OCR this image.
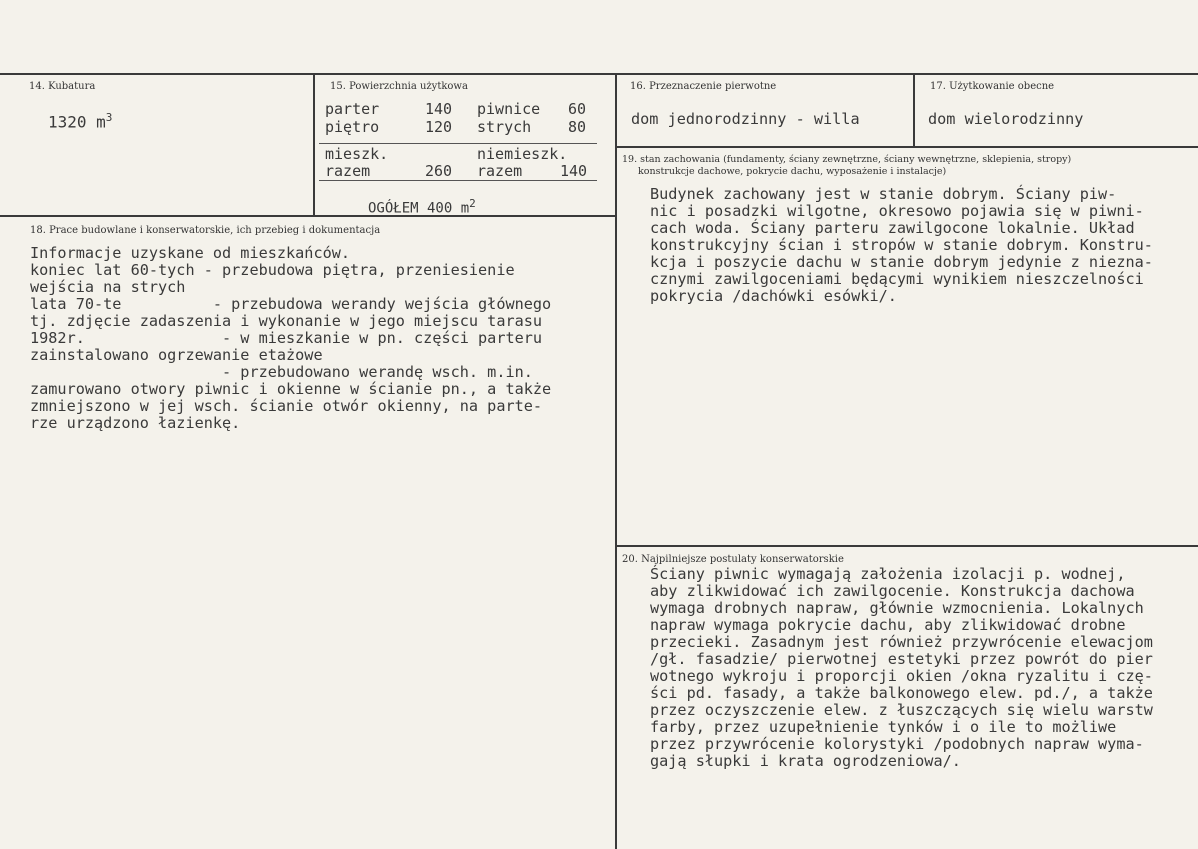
14. Kubatura	15. Powierzchnia użytkowa	16. Przeznaczenie pierwotne	17. Użytkowanie obecne
18. Prace budowlane i konserwatorskie, ich przebieg i dokumentacja
19. stan zachowania (fundamenty, ściany zewnętrzne, ściany wewnętrzne, sklepienia, stropy)
konstrukcje dachowe, pokrycie dachu, wyposażenie i instalacje)
20. Najpilniejsze postulaty konserwatorskie
1320 $m^3$	parter	140 piwnice 60
piętro	120 strych 80
mieszk.	niemieszk.
razem	260 razem	140
OGÓŁEM 400 $m^2$
dom jednorodzinny - willa	dom wielorodzinny
Informacje uzyskane od mieszkańców.
koniec lat 60-tych - przebudowa piętra, przeniesienie
wejścia na strych
lata 70-te          - przebudowa werandy wejścia głównego
tj. zdjęcie zadaszenia i wykonanie w jego miejscu tarasu
1982r.               - w mieszkanie w pn. części parteru
zainstalowano ogrzewanie etażowe
- przebudowano werandę wsch. m.in.
zamurowano otwory piwnic i okienne w ścianie pn., a także
zmniejszono w jej wsch. ścianie otwór okienny, na parte-
rze urządzono łazienkę.
Budynek zachowany jest w stanie dobrym. Ściany piw-
nic i posadzki wilgotne, okresowo pojawia się w piwni-
cach woda. Ściany parteru zawilgocone lokalnie. Układ
konstrukcyjny ścian i stropów w stanie dobrym. Konstru-
kcja i poszycie dachu w stanie dobrym jedynie z niezna-
cznymi zawilgoceniami będącymi wynikiem nieszczelności
pokrycia /dachówki esówki/.
Ściany piwnic wymagają założenia izolacji p. wodnej,
aby zlikwidować ich zawilgocenie. Konstrukcja dachowa
wymaga drobnych napraw, głównie wzmocnienia. Lokalnych
napraw wymaga pokrycie dachu, aby zlikwidować drobne
przecieki. Zasadnym jest również przywrócenie elewacjom
/gł. fasadzie/ pierwotnej estetyki przez powrót do pier
wotnego wykroju i proporcji okien /okna ryzalitu i czę-
ści pd. fasady, a także balkonowego elew. pd./, a także
przez oczyszczenie elew. z łuszczących się wielu warstw
farby, przez uzupełnienie tynków i o ile to możliwe
przez przywrócenie kolorystyki /podobnych napraw wyma-
gają słupki i krata ogrodzeniowa/.
